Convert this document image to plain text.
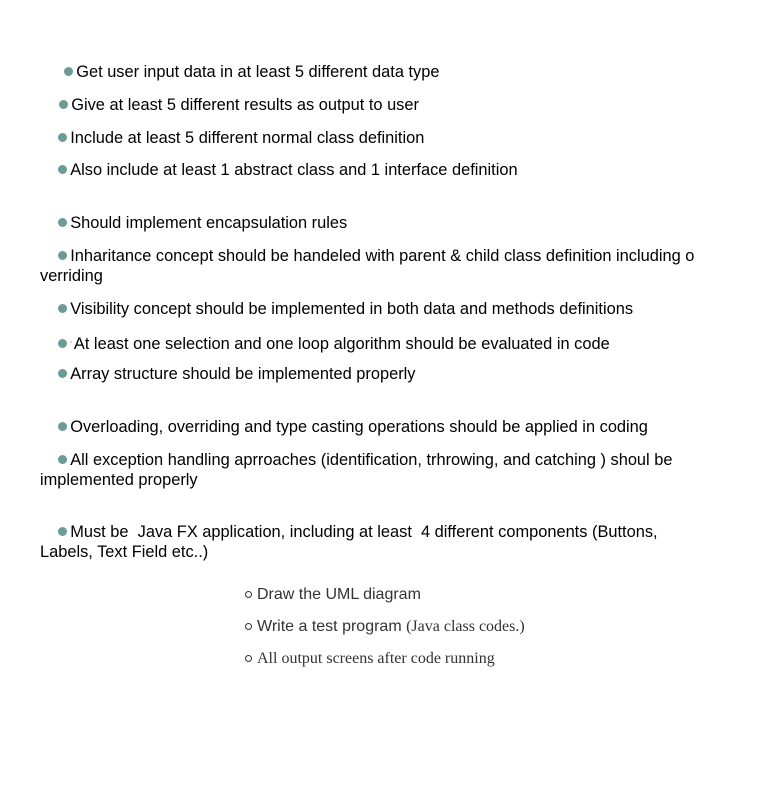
Get user input data in at least 5 different data type

Give at least 5 different results as output to user

Include at least 5 different normal class definition

Also include at least 1 abstract class and 1 interface definition

Should implement encapsulation rules

Inharitance concept should be handeled with parent & child class definition including o verriding

Visibility concept should be implemented in both data and methods definitions

·At least one selection and one loop algorithm should be evaluated in code

Array structure should be implemented properly

Overloading, overriding and type casting operations should be applied in coding

All exception handling aprroaches (identification, trhrowing, and catching ) shoul be implemented properly

Must be  Java FX application, including at least  4 different components (Buttons, Labels, Text Field etc..)

Draw the UML diagram
Write a test program (Java class codes.)
All output screens after code running
